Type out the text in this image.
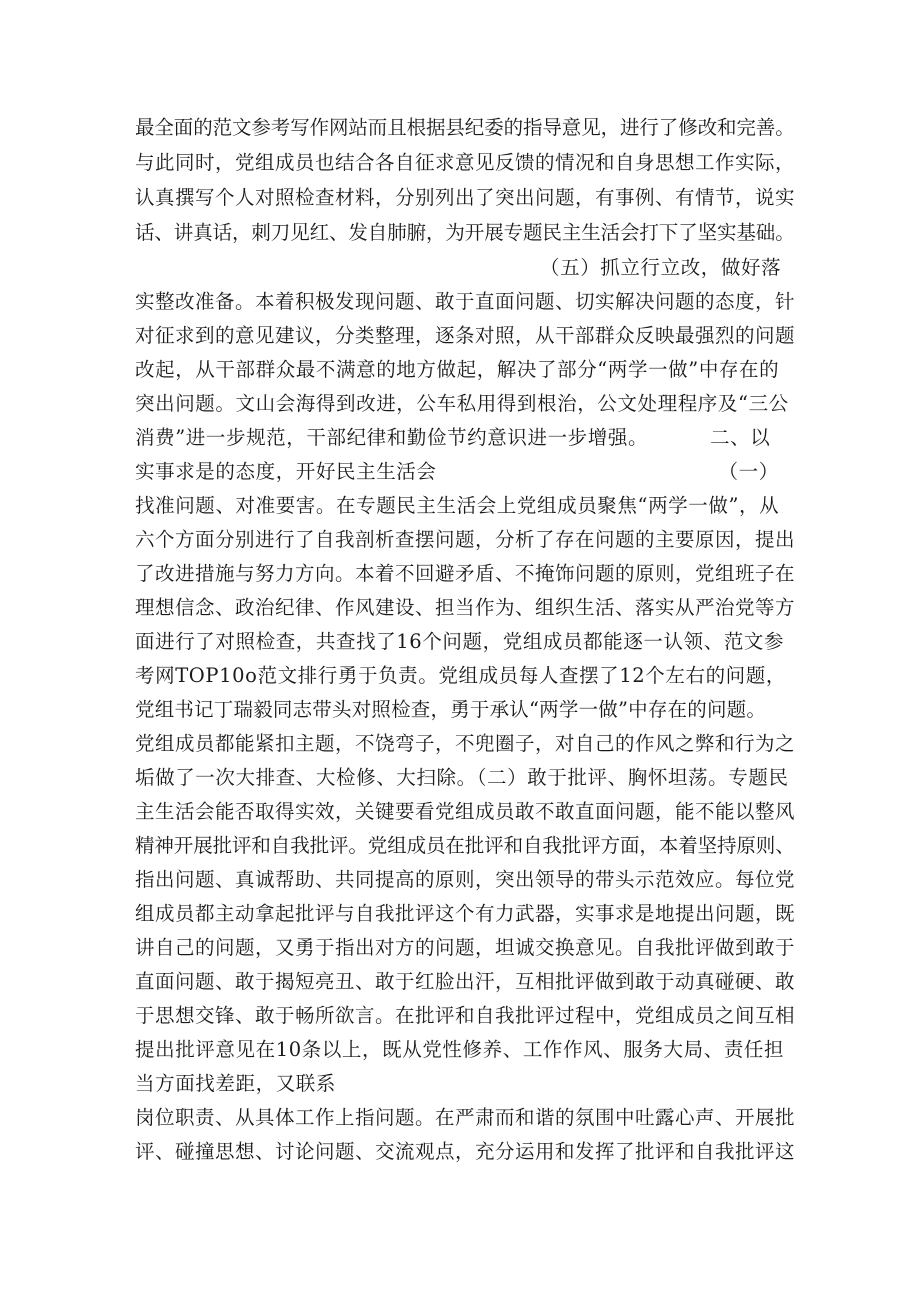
最全面的范文参考写作网站而且根据县纪委的指导意见，进行了修改和完善。
与此同时，党组成员也结合各自征求意见反馈的情况和自身思想工作实际，
认真撰写个人对照检查材料，分别列出了突出问题，有事例、有情节，说实
话、讲真话，刺刀见红、发自肺腑，为开展专题民主生活会打下了坚实基础。
（五）抓立行立改，做好落
实整改准备。本着积极发现问题、敢于直面问题、切实解决问题的态度，针
对征求到的意见建议，分类整理，逐条对照，从干部群众反映最强烈的问题
改起，从干部群众最不满意的地方做起，解决了部分“两学一做”中存在的
突出问题。文山会海得到改进，公车私用得到根治，公文处理程序及“三公
消费”进一步规范，干部纪律和勤俭节约意识进一步增强。	二、以
实事求是的态度，开好民主生活会	（一）
找准问题、对准要害。在专题民主生活会上党组成员聚焦“两学一做”，从
六个方面分别进行了自我剖析查摆问题，分析了存在问题的主要原因，提出
了改进措施与努力方向。本着不回避矛盾、不掩饰问题的原则，党组班子在
理想信念、政治纪律、作风建设、担当作为、组织生活、落实从严治党等方
面进行了对照检查，共查找了16个问题，党组成员都能逐一认领、范文参
考网TOP10o范文排行勇于负责。党组成员每人查摆了12个左右的问题，
党组书记丁瑞毅同志带头对照检查，勇于承认“两学一做”中存在的问题。
党组成员都能紧扣主题，不饶弯子，不兜圈子，对自己的作风之弊和行为之
垢做了一次大排查、大检修、大扫除。（二）敢于批评、胸怀坦荡。专题民
主生活会能否取得实效，关键要看党组成员敢不敢直面问题，能不能以整风
精神开展批评和自我批评。党组成员在批评和自我批评方面，本着坚持原则、
指出问题、真诚帮助、共同提高的原则，突出领导的带头示范效应。每位党
组成员都主动拿起批评与自我批评这个有力武器，实事求是地提出问题，既
讲自己的问题，又勇于指出对方的问题，坦诚交换意见。自我批评做到敢于
直面问题、敢于揭短亮丑、敢于红脸出汗，互相批评做到敢于动真碰硬、敢
于思想交锋、敢于畅所欲言。在批评和自我批评过程中，党组成员之间互相
提出批评意见在10条以上，既从党性修养、工作作风、服务大局、责任担
当方面找差距，又联系
岗位职责、从具体工作上指问题。在严肃而和谐的氛围中吐露心声、开展批
评、碰撞思想、讨论问题、交流观点，充分运用和发挥了批评和自我批评这
